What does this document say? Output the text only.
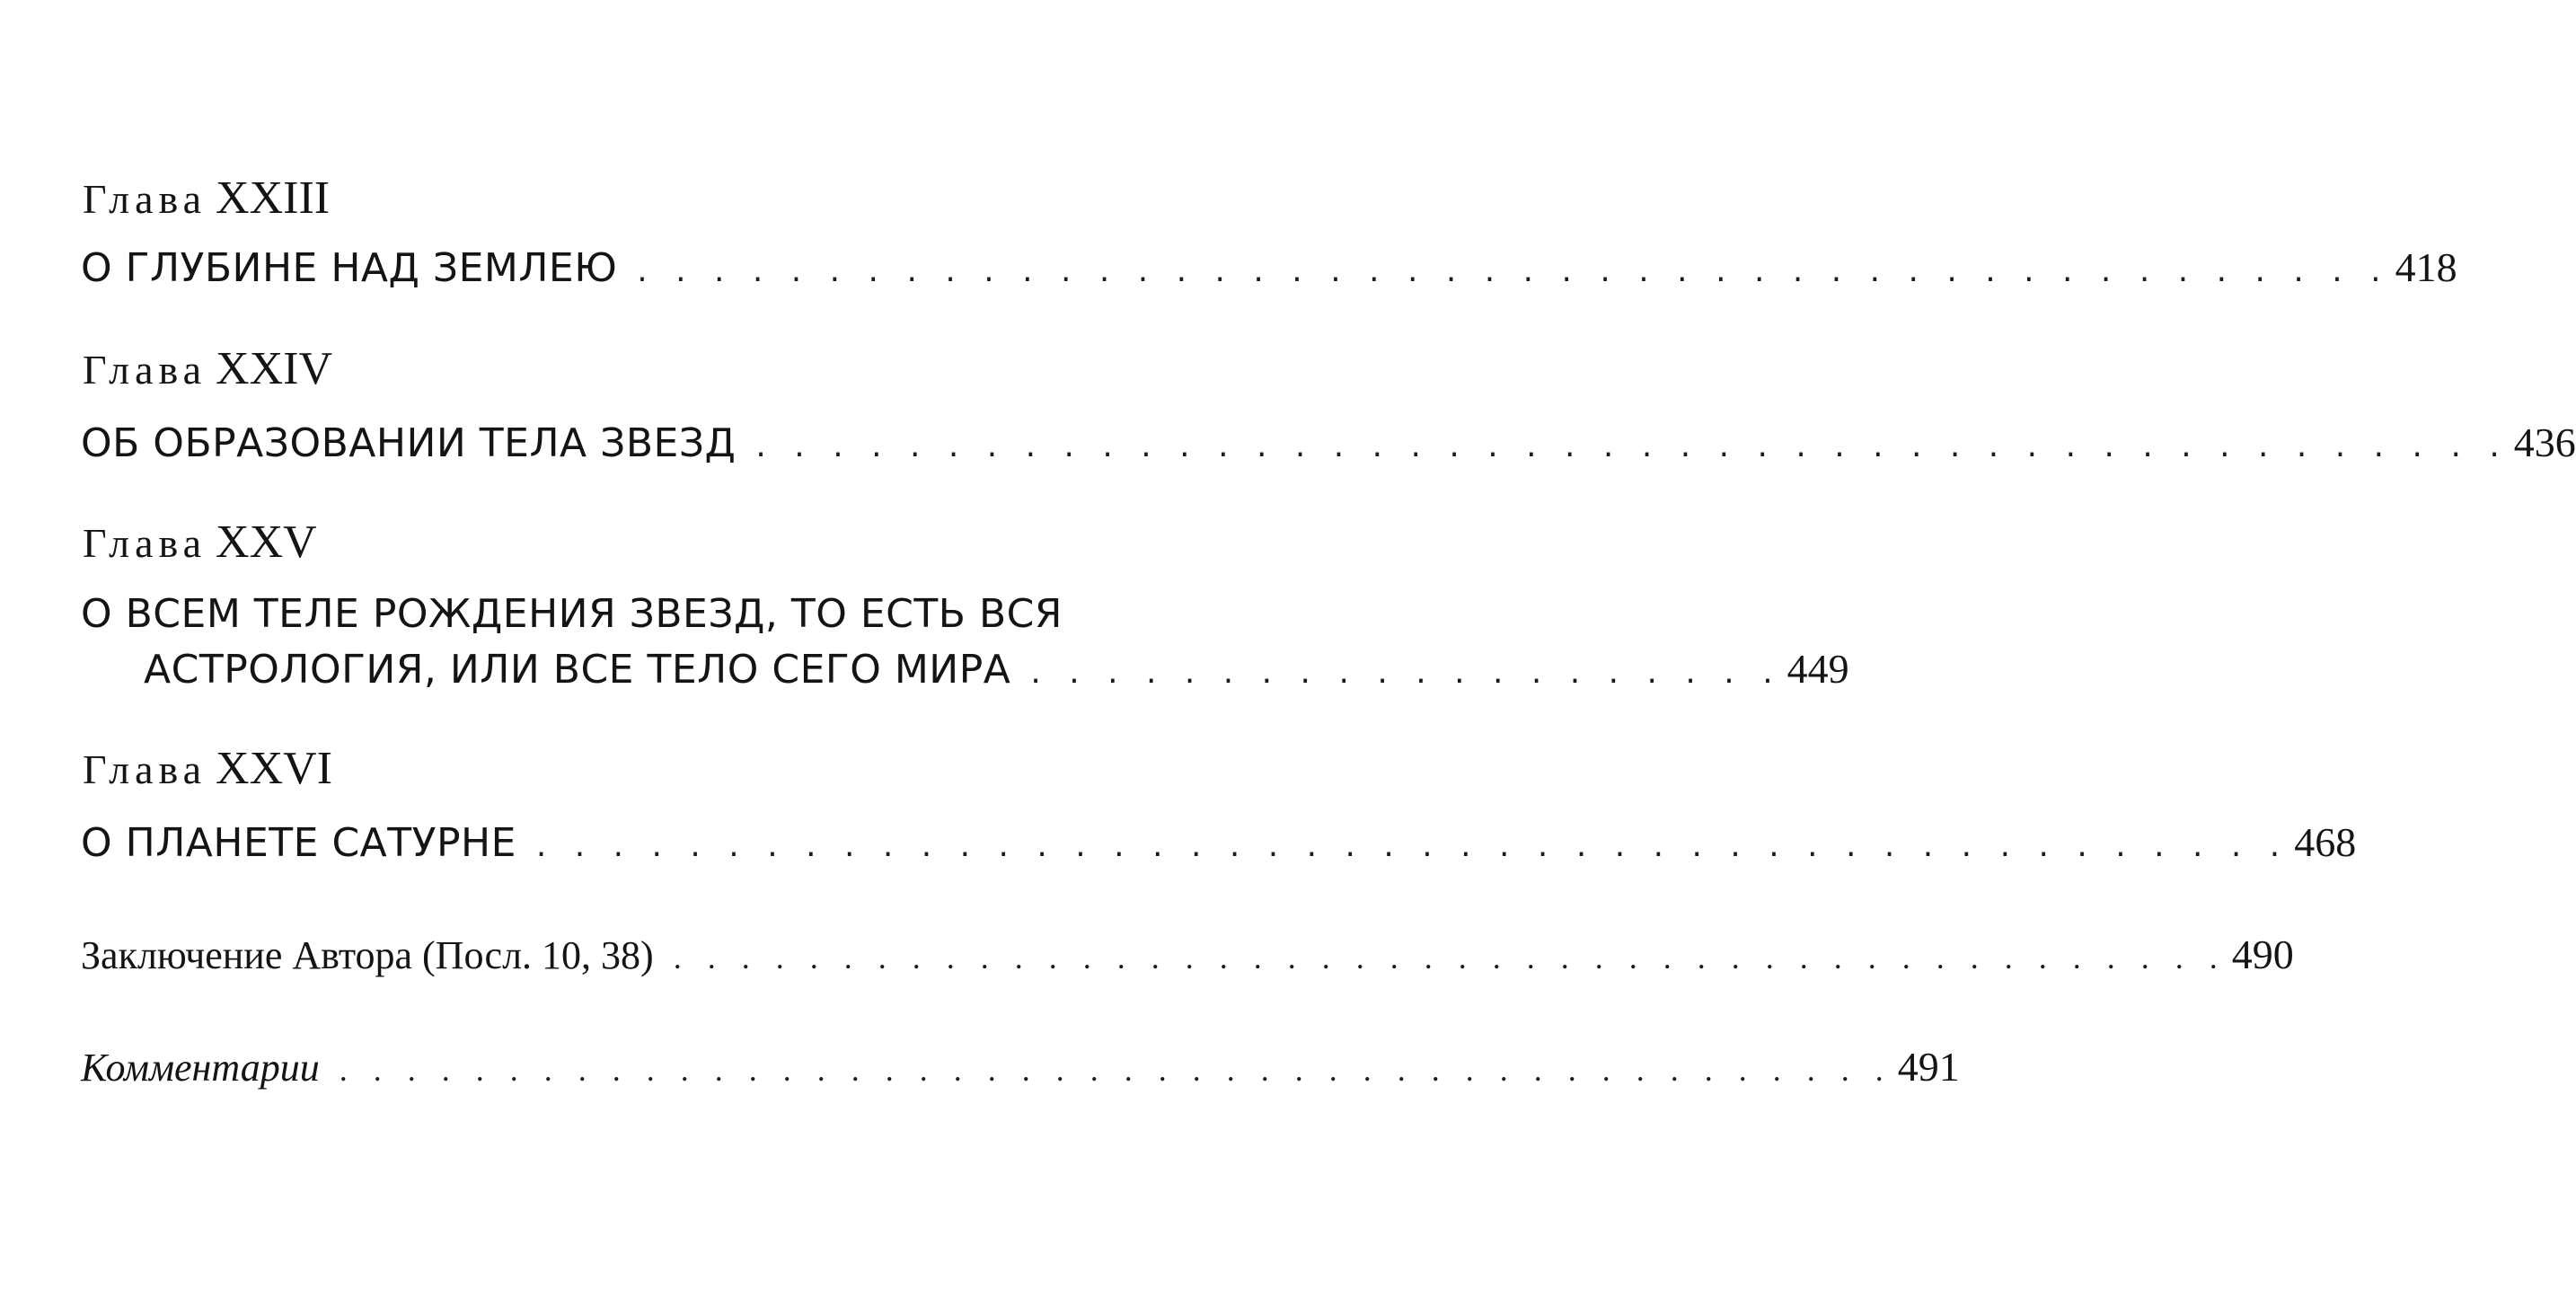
Глава XXIII
О ГЛУБИНЕ НАД ЗЕМЛЕЮ . . . . . . . . . . . . . . . . . . . . . . . . . . . . . . . . . . . . . . . . . . . . . . 418
Глава XXIV
ОБ ОБРАЗОВАНИИ ТЕЛА ЗВЕЗД . . . . . . . . . . . . . . . . . . . . . . . . . . . . . . . . . . . . . . . . . . . . . . 436
Глава XXV
О ВСЕМ ТЕЛЕ РОЖДЕНИЯ ЗВЕЗД, ТО ЕСТЬ ВСЯ
АСТРОЛОГИЯ, ИЛИ ВСЕ ТЕЛО СЕГО МИРА . . . . . . . . . . . . . . . . . . . . 449
Глава XXVI
О ПЛАНЕТЕ САТУРНЕ . . . . . . . . . . . . . . . . . . . . . . . . . . . . . . . . . . . . . . . . . . . . . . 468
Заключение Автора (Посл. 10, 38) . . . . . . . . . . . . . . . . . . . . . . . . . . . . . . . . . . . . . . . . . . . . . . 490
Комментарии . . . . . . . . . . . . . . . . . . . . . . . . . . . . . . . . . . . . . . . . . . . . . . 491
